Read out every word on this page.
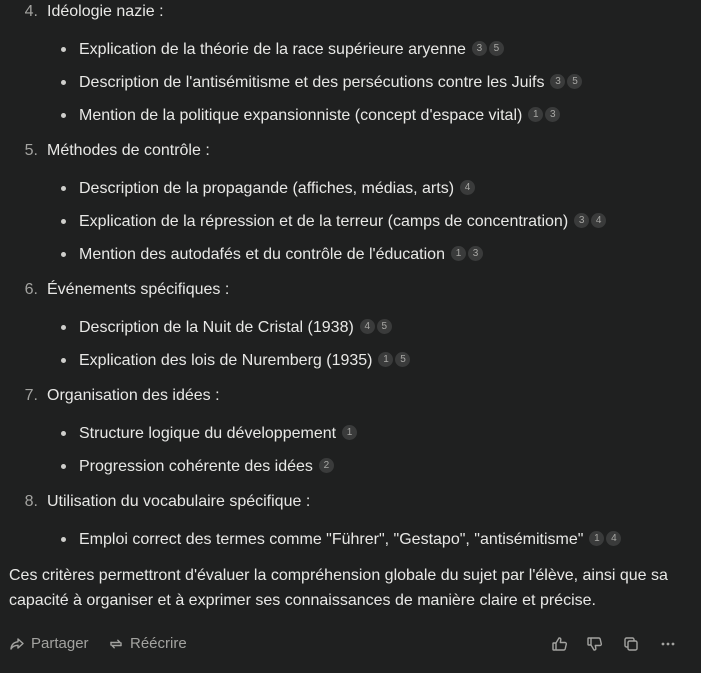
4. Idéologie nazie :
Explication de la théorie de la race supérieure aryenne 3 5
Description de l'antisémitisme et des persécutions contre les Juifs 3 5
Mention de la politique expansionniste (concept d'espace vital) 1 3
5. Méthodes de contrôle :
Description de la propagande (affiches, médias, arts) 4
Explication de la répression et de la terreur (camps de concentration) 3 4
Mention des autodafés et du contrôle de l'éducation 1 3
6. Événements spécifiques :
Description de la Nuit de Cristal (1938) 4 5
Explication des lois de Nuremberg (1935) 1 5
7. Organisation des idées :
Structure logique du développement 1
Progression cohérente des idées 2
8. Utilisation du vocabulaire spécifique :
Emploi correct des termes comme "Führer", "Gestapo", "antisémitisme" 1 4

Ces critères permettront d'évaluer la compréhension globale du sujet par l'élève, ainsi que sa capacité à organiser et à exprimer ses connaissances de manière claire et précise.

Partager	Réécrire
